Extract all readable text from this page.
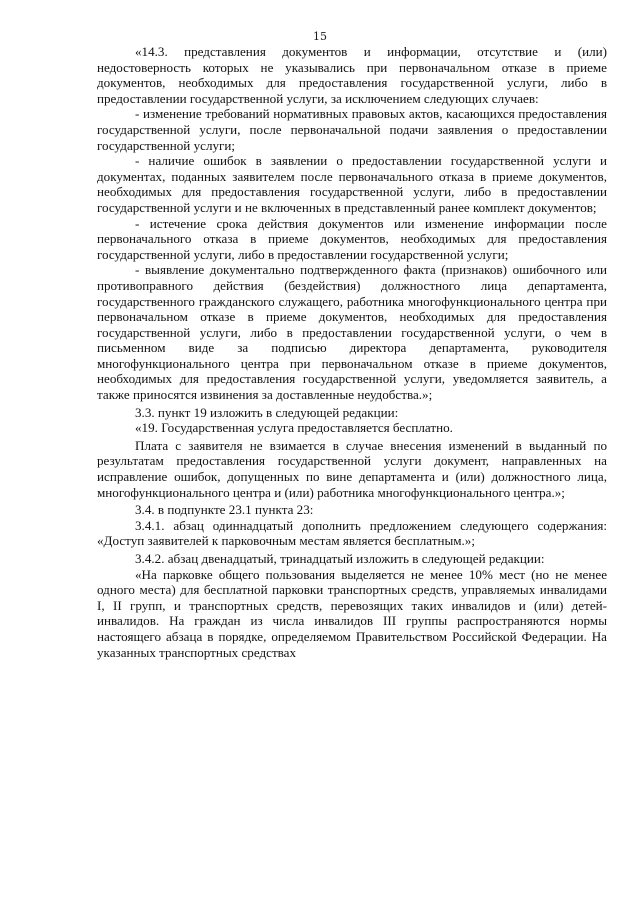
15

«14.3. представления документов и информации, отсутствие и (или) недостоверность которых не указывались при первоначальном отказе в приеме документов, необходимых для предоставления государственной услуги, либо в предоставлении государственной услуги, за исключением следующих случаев:

- изменение требований нормативных правовых актов, касающихся предоставления государственной услуги, после первоначальной подачи заявления о предоставлении государственной услуги;

- наличие ошибок в заявлении о предоставлении государственной услуги и документах, поданных заявителем после первоначального отказа в приеме документов, необходимых для предоставления государственной услуги, либо в предоставлении государственной услуги и не включенных в представленный ранее комплект документов;

- истечение срока действия документов или изменение информации после первоначального отказа в приеме документов, необходимых для предоставления государственной услуги, либо в предоставлении государственной услуги;

- выявление документально подтвержденного факта (признаков) ошибочного или противоправного действия (бездействия) должностного лица департамента, государственного гражданского служащего, работника многофункционального центра при первоначальном отказе в приеме документов, необходимых для предоставления государственной услуги, либо в предоставлении государственной услуги, о чем в письменном виде за подписью директора департамента, руководителя многофункционального центра при первоначальном отказе в приеме документов, необходимых для предоставления государственной услуги, уведомляется заявитель, а также приносятся извинения за доставленные неудобства.»;

3.3. пункт 19 изложить в следующей редакции:

«19. Государственная услуга предоставляется бесплатно.

Плата с заявителя не взимается в случае внесения изменений в выданный по результатам предоставления государственной услуги документ, направленных на исправление ошибок, допущенных по вине департамента и (или) должностного лица, многофункционального центра и (или) работника многофункционального центра.»;

3.4. в подпункте 23.1 пункта 23:

3.4.1. абзац одиннадцатый дополнить предложением следующего содержания: «Доступ заявителей к парковочным местам является бесплатным.»;

3.4.2. абзац двенадцатый, тринадцатый изложить в следующей редакции:

«На парковке общего пользования выделяется не менее 10% мест (но не менее одного места) для бесплатной парковки транспортных средств, управляемых инвалидами I, II групп, и транспортных средств, перевозящих таких инвалидов и (или) детей-инвалидов. На граждан из числа инвалидов III группы распространяются нормы настоящего абзаца в порядке, определяемом Правительством Российской Федерации. На указанных транспортных средствах
